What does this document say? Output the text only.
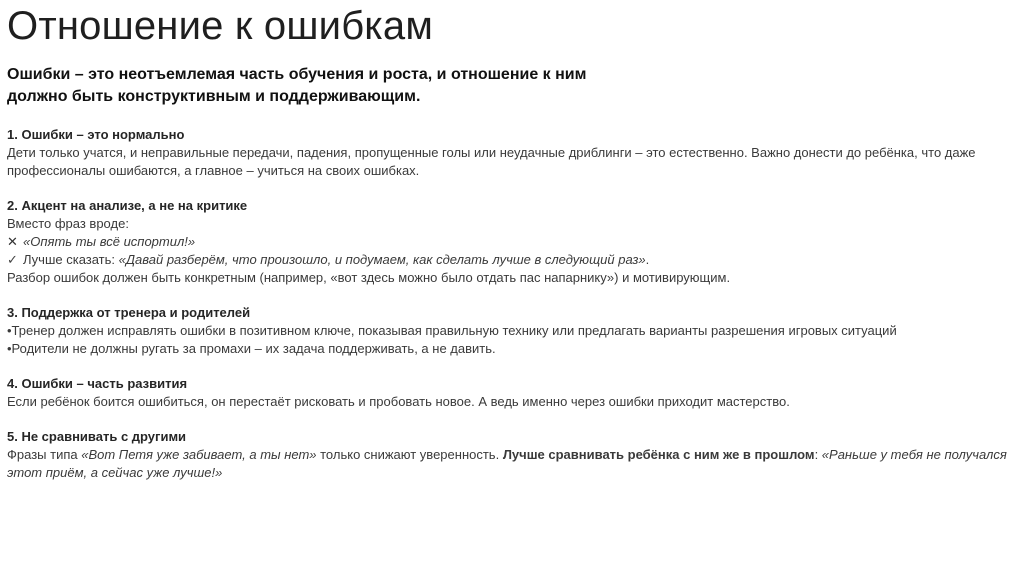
Отношение к ошибкам
Ошибки – это неотъемлемая часть обучения и роста, и отношение к ним должно быть конструктивным и поддерживающим.

1. Ошибки – это нормально

Дети только учатся, и неправильные передачи, падения, пропущенные голы или неудачные дриблинги – это естественно. Важно донести до ребёнка, что даже профессионалы ошибаются, а главное – учиться на своих ошибках.

2. Акцент на анализе, а не на критике

Вместо фраз вроде:

✕ «Опять ты всё испортил!»

✓ Лучше сказать: «Давай разберём, что произошло, и подумаем, как сделать лучше в следующий раз».

Разбор ошибок должен быть конкретным (например, «вот здесь можно было отдать пас напарнику») и мотивирующим.

3. Поддержка от тренера и родителей

•Тренер должен исправлять ошибки в позитивном ключе, показывая правильную технику или предлагать варианты разрешения игровых ситуаций

•Родители не должны ругать за промахи – их задача поддерживать, а не давить.

4. Ошибки – часть развития

Если ребёнок боится ошибиться, он перестаёт рисковать и пробовать новое. А ведь именно через ошибки приходит мастерство.

5. Не сравнивать с другими

Фразы типа «Вот Петя уже забивает, а ты нет» только снижают уверенность. Лучше сравнивать ребёнка с ним же в прошлом: «Раньше у тебя не получался этот приём, а сейчас уже лучше!»
